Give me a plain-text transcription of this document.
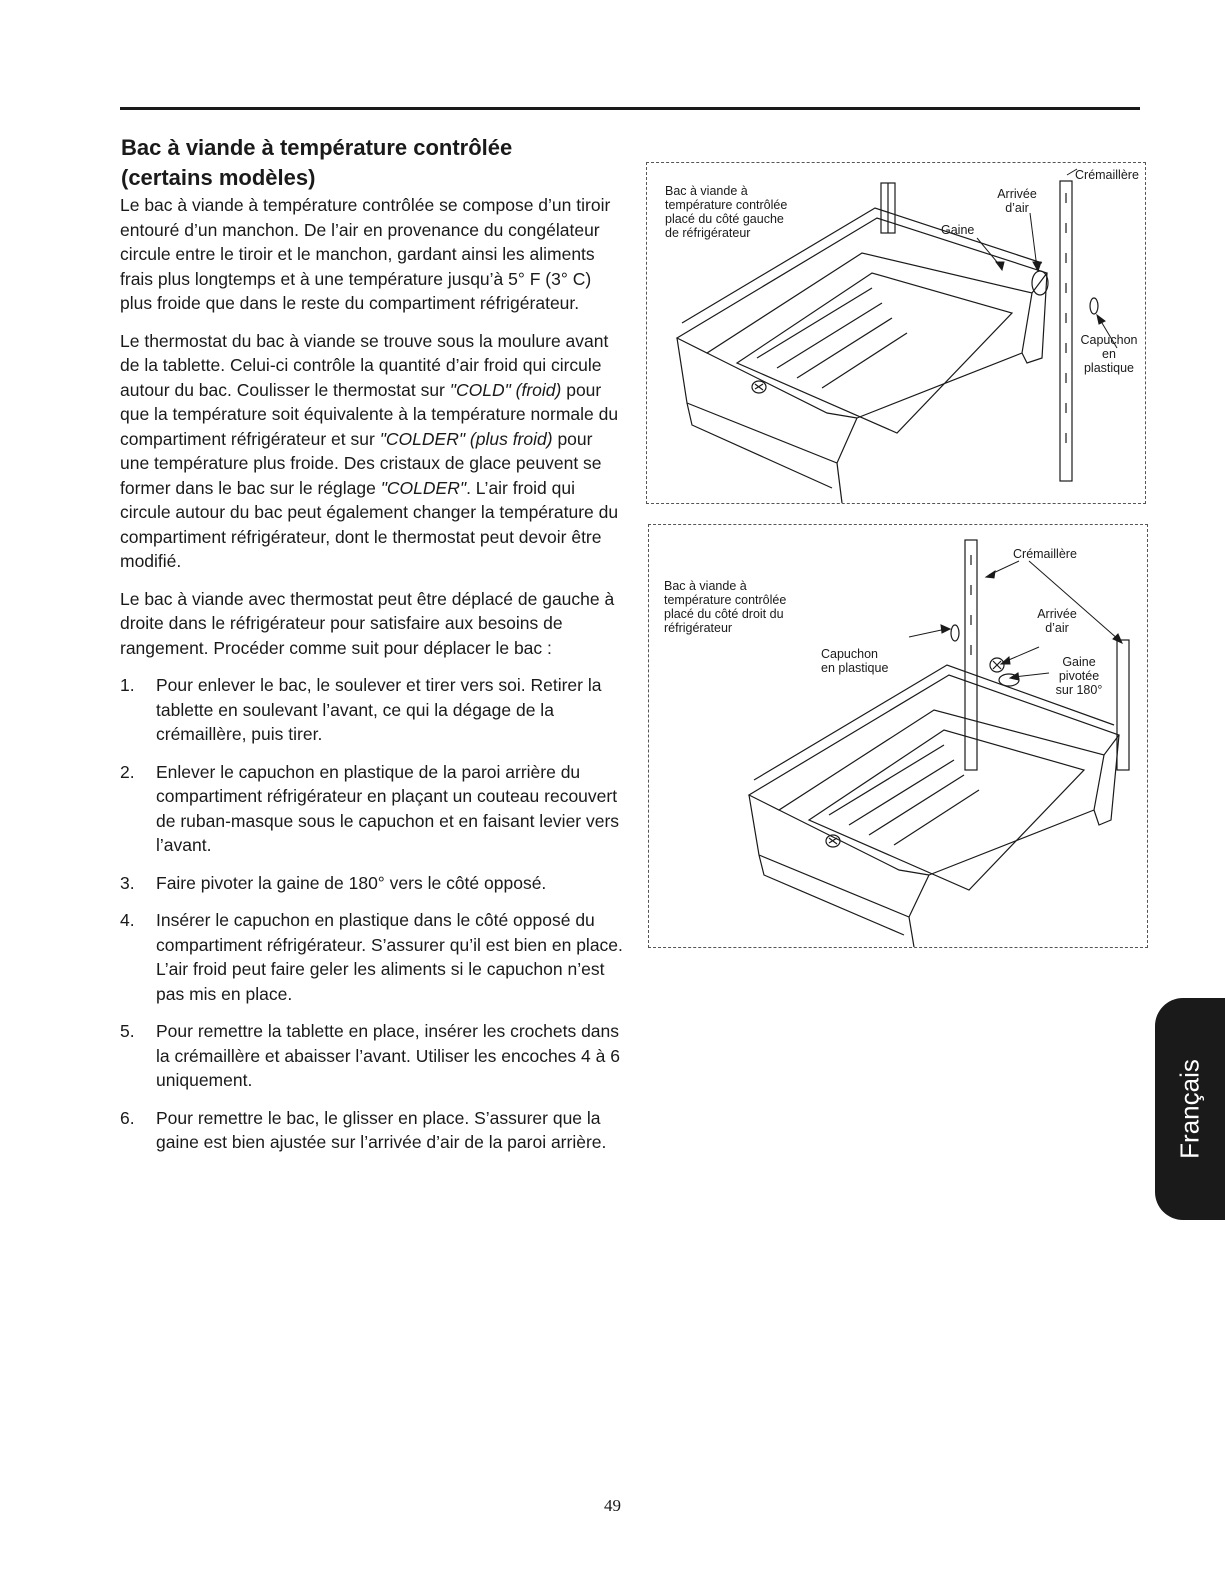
Bac à viande à température contrôlée
(certains modèles)

Le bac à viande à température contrôlée se compose d’un tiroir entouré d’un manchon. De l’air en provenance du congélateur circule entre le tiroir et le manchon, gardant ainsi les aliments frais plus longtemps et à une température jusqu’à 5° F (3° C) plus froide que dans le reste du compartiment réfrigérateur.

Le thermostat du bac à viande se trouve sous la moulure avant de la tablette. Celui-ci contrôle la quantité d’air froid qui circule autour du bac. Coulisser le thermostat sur "COLD" (froid) pour que la température soit équivalente à la température normale du compartiment réfrigérateur et sur "COLDER" (plus froid) pour une température plus froide. Des cristaux de glace peuvent se former dans le bac sur le réglage "COLDER". L’air froid qui circule autour du bac peut également changer la température du compartiment réfrigérateur, dont le thermostat peut devoir être modifié.

Le bac à viande avec thermostat peut être déplacé de gauche à droite dans le réfrigérateur pour satisfaire aux besoins de rangement. Procéder comme suit pour déplacer le bac :

1. Pour enlever le bac, le soulever et tirer vers soi. Retirer la tablette en soulevant l’avant, ce qui la dégage de la crémaillère, puis tirer.
2. Enlever le capuchon en plastique de la paroi arrière du compartiment réfrigérateur en plaçant un couteau recouvert de ruban-masque sous le capuchon et en faisant levier vers l’avant.
3. Faire pivoter la gaine de 180° vers le côté opposé.
4. Insérer le capuchon en plastique dans le côté opposé du compartiment réfrigérateur. S’assurer qu’il est bien en place. L’air froid peut faire geler les aliments si le capuchon n’est pas mis en place.
5. Pour remettre la tablette en place, insérer les crochets dans la crémaillère et abaisser l’avant. Utiliser les encoches 4 à 6 uniquement.
6. Pour remettre le bac, le glisser en place. S’assurer que la gaine est bien ajustée sur l’arrivée d’air de la paroi arrière.
Bac à viande à
température contrôlée
placé du côté gauche
de réfrigérateur	Gaine
Arrivée
d’air
Crémaillère
Capuchon
en
plastique
Bac à viande à
température contrôlée
placé du côté droit du
réfrigérateur
Capuchon
en plastique
Crémaillère
Arrivée
d’air
Gaine
pivotée
sur 180°
Français
49
